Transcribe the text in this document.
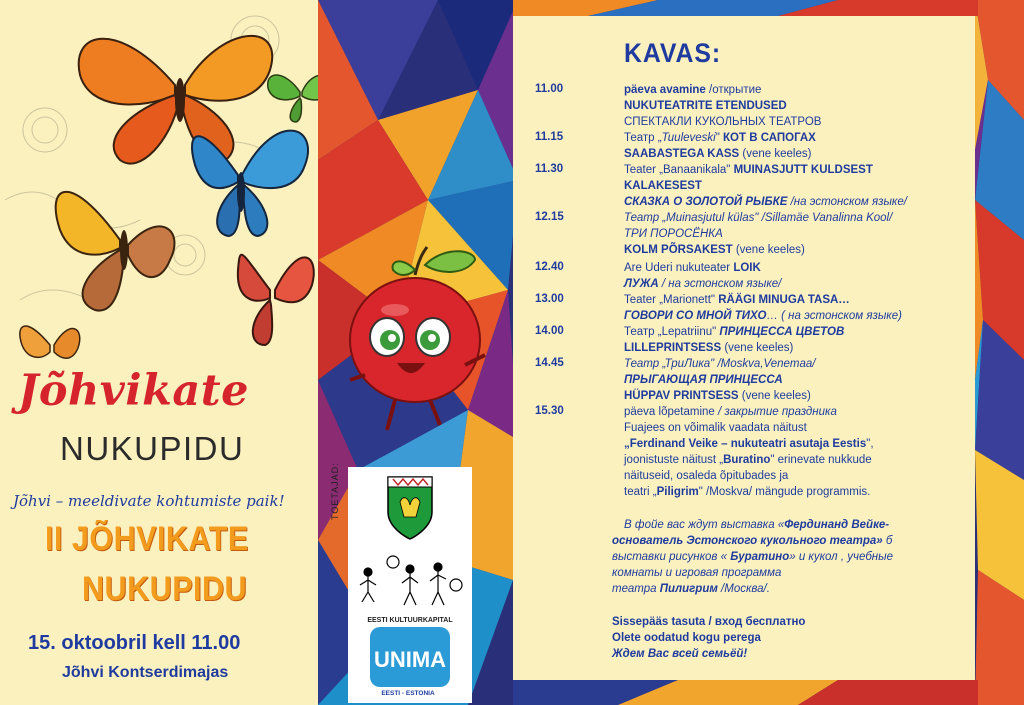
Jõhvikate
NUKUPIDU
Jõhvi – meeldivate kohtumiste paik!
II JÕHVIKATE
NUKUPIDU
15. oktoobril kell 11.00
Jõhvi Kontserdimajas
TOETAJAD:
UNIMA
EESTI KULTUURKAPITAL
EESTI - ESTONIA
KAVAS:
11.00
11.15
11.30
12.15
12.40
13.00
14.00
14.45
15.30
päeva avamine /открытие
NUKUTEATRITE ETENDUSED
СПЕКТАКЛИ КУКОЛЬНЫХ ТЕАТРОВ
Театр „Tuuleveski" КОТ В САПОГАХ
SAABASTEGA KASS (vene keeles)
Teater „Banaanikala" MUINASJUTT KULDSEST
KALAKESEST
СКАЗКА О ЗОЛОТОЙ РЫБКЕ /на эстонском языке/
Театр „Muinasjutul külas" /Sillamäe Vanalinna Kool/
ТРИ ПОРОСЁНКА
KOLM PÕRSAKEST (vene keeles)
Are Uderi nukuteater LOIK
ЛУЖА / на эстонском языке/
Teater „Marionett" RÄÄGI MINUGA TASA…
ГОВОРИ СО МНОЙ ТИХО… ( на эстонском языке)
Театр „Lepatriinu" ПРИНЦЕССА ЦВЕТОВ
LILLEPRINTSESS (vene keeles)
Театр „ТриЛика" /Moskva,Venemaa/
ПРЫГАЮЩАЯ ПРИНЦЕССА
HÜPPAV PRINTSESS (vene keeles)
päeva lõpetamine / закрытие праздника
Fuajees on võimalik vaadata näitust
„Ferdinand Veike – nukuteatri asutaja Eestis",
joonistuste näitust „Buratino" erinevate nukkude
näituseid, osaleda õpitubades ja
teatri „Piligrim" /Moskva/ mängude programmis.
В фойе вас ждут выставка «Фердинанд Вейке-
основатель Эстонского кукольного театра» б
выставки рисунков « Буратино» и кукол , учебные
комнаты и игровая программа
театра Пилигрим /Москва/.
Sissepääs tasuta / вход бесплатно
Olete oodatud kogu perega
Ждем Вас всей семьёй!
